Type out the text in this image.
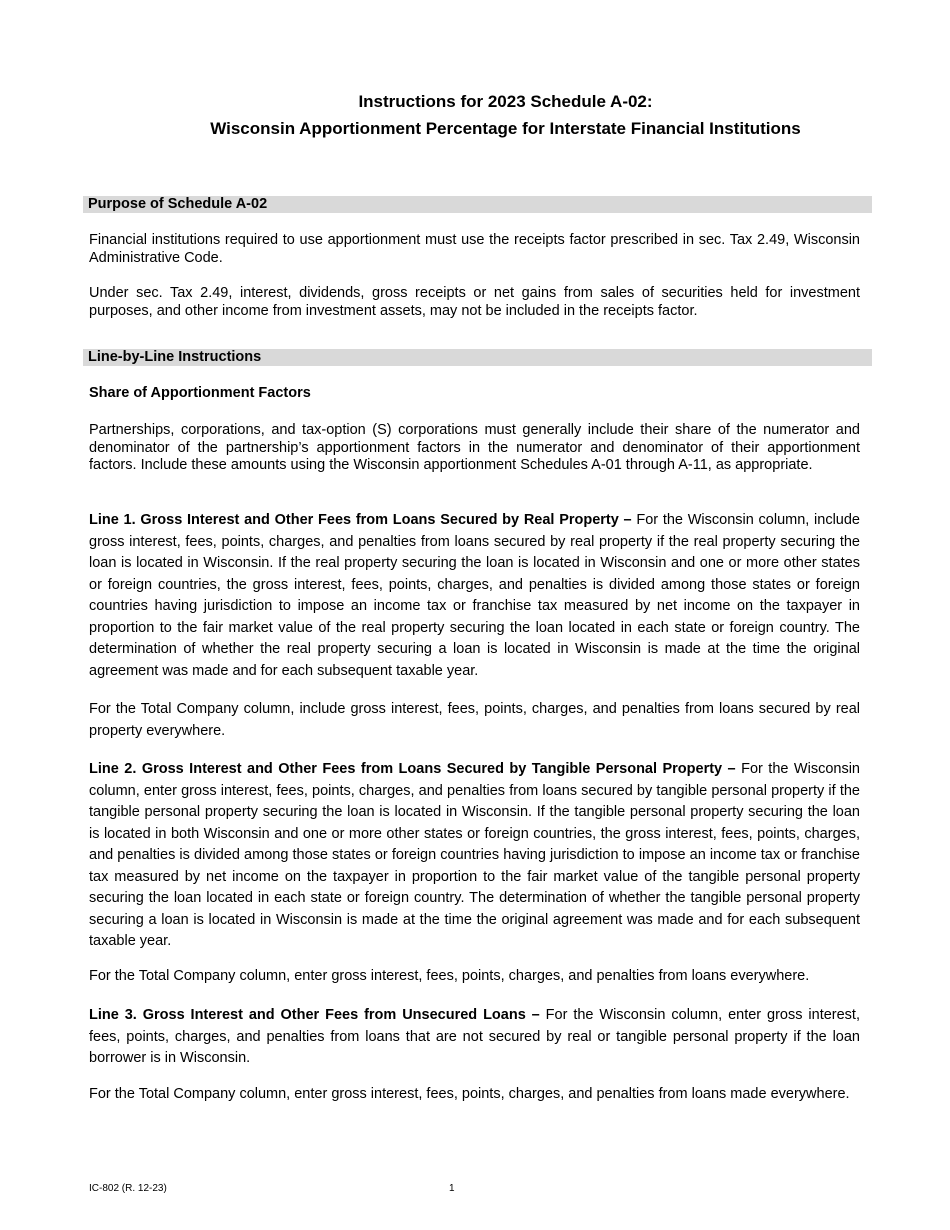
Instructions for 2023 Schedule A-02:
Wisconsin Apportionment Percentage for Interstate Financial Institutions
Purpose of Schedule A-02

Financial institutions required to use apportionment must use the receipts factor prescribed in sec. Tax 2.49, Wisconsin Administrative Code.

Under sec. Tax 2.49, interest, dividends, gross receipts or net gains from sales of securities held for investment purposes, and other income from investment assets, may not be included in the receipts factor.

Line-by-Line Instructions
Share of Apportionment Factors

Partnerships, corporations, and tax-option (S) corporations must generally include their share of the numerator and denominator of the partnership’s apportionment factors in the numerator and denominator of their apportionment factors. Include these amounts using the Wisconsin apportionment Schedules A-01 through A-11, as appropriate.

Line 1. Gross Interest and Other Fees from Loans Secured by Real Property – For the Wisconsin column, include gross interest, fees, points, charges, and penalties from loans secured by real property if the real property securing the loan is located in Wisconsin. If the real property securing the loan is located in Wisconsin and one or more other states or foreign countries, the gross interest, fees, points, charges, and penalties is divided among those states or foreign countries having jurisdiction to impose an income tax or franchise tax measured by net income on the taxpayer in proportion to the fair market value of the real property securing the loan located in each state or foreign country. The determination of whether the real property securing a loan is located in Wisconsin is made at the time the original agreement was made and for each subsequent taxable year.

For the Total Company column, include gross interest, fees, points, charges, and penalties from loans secured by real property everywhere.

Line 2. Gross Interest and Other Fees from Loans Secured by Tangible Personal Property – For the Wisconsin column, enter gross interest, fees, points, charges, and penalties from loans secured by tangible personal property if the tangible personal property securing the loan is located in Wisconsin. If the tangible personal property securing the loan is located in both Wisconsin and one or more other states or foreign countries, the gross interest, fees, points, charges, and penalties is divided among those states or foreign countries having jurisdiction to impose an income tax or franchise tax measured by net income on the taxpayer in proportion to the fair market value of the tangible personal property securing the loan located in each state or foreign country. The determination of whether the tangible personal property securing a loan is located in Wisconsin is made at the time the original agreement was made and for each subsequent taxable year.

For the Total Company column, enter gross interest, fees, points, charges, and penalties from loans everywhere.

Line 3. Gross Interest and Other Fees from Unsecured Loans – For the Wisconsin column, enter gross interest, fees, points, charges, and penalties from loans that are not secured by real or tangible personal property if the loan borrower is in Wisconsin.

For the Total Company column, enter gross interest, fees, points, charges, and penalties from loans made everywhere.

IC-802 (R. 12-23)	1
